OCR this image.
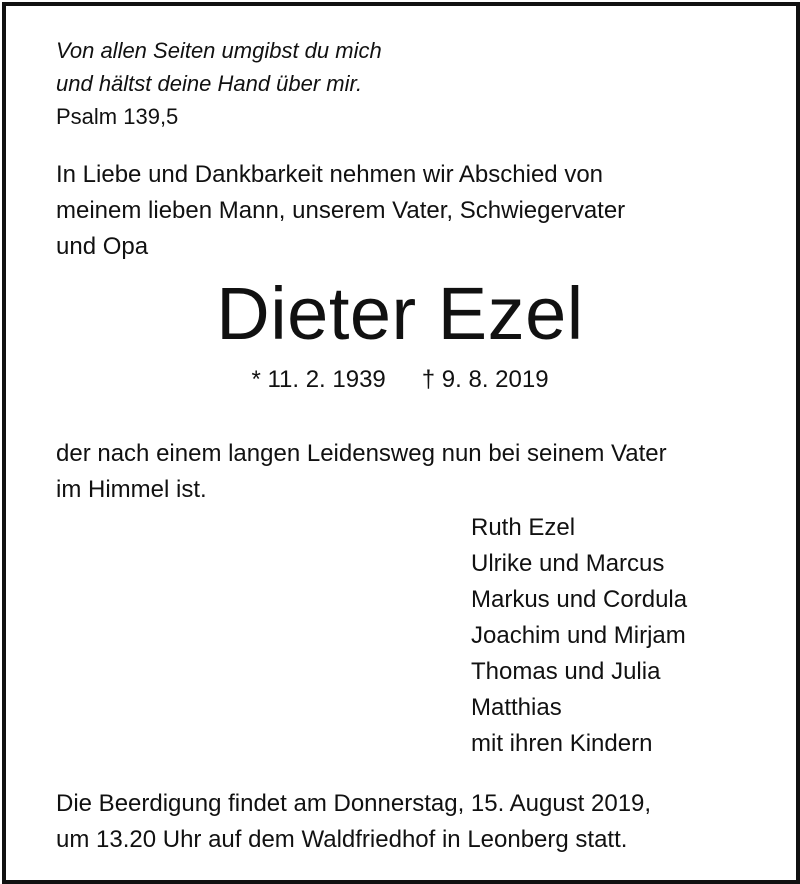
Von allen Seiten umgibst du mich
und hältst deine Hand über mir.
Psalm 139,5
In Liebe und Dankbarkeit nehmen wir Abschied von
meinem lieben Mann, unserem Vater, Schwiegervater
und Opa
Dieter Ezel
* 11. 2. 1939 † 9. 8. 2019
der nach einem langen Leidensweg nun bei seinem Vater
im Himmel ist.
Ruth Ezel
Ulrike und Marcus
Markus und Cordula
Joachim und Mirjam
Thomas und Julia
Matthias
mit ihren Kindern
Die Beerdigung findet am Donnerstag, 15. August 2019,
um 13.20 Uhr auf dem Waldfriedhof in Leonberg statt.
